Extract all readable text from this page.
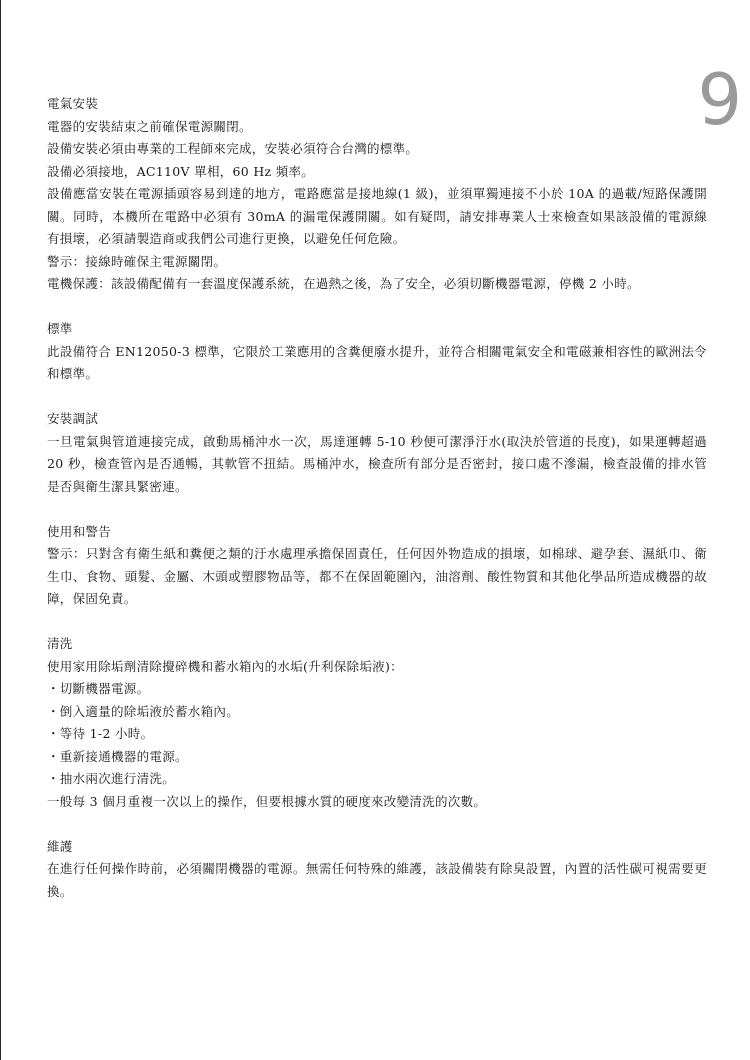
9

電氣安裝

電器的安裝結束之前確保電源關閉。

設備安裝必須由專業的工程師來完成，安裝必須符合台灣的標準。

設備必須接地，AC110V 單相，60 Hz 頻率。

設備應當安裝在電源插頭容易到達的地方，電路應當是接地線(1 級)，並須單獨連接不小於 10A 的過載/短路保護開關。同時，本機所在電路中必須有 30mA 的漏電保護開關。如有疑問，請安排專業人士來檢查如果該設備的電源線有損壞，必須請製造商或我們公司進行更換，以避免任何危險。

警示：接線時確保主電源關閉。

電機保護：該設備配備有一套溫度保護系統，在過熱之後，為了安全，必須切斷機器電源，停機 2 小時。

標準

此設備符合 EN12050-3 標準，它限於工業應用的含糞便廢水提升，並符合相關電氣安全和電磁兼相容性的歐洲法令和標準。

安裝調試

一旦電氣與管道連接完成，啟動馬桶沖水一次，馬達運轉 5-10 秒便可潔淨汙水(取決於管道的長度)，如果運轉超過 20 秒，檢查管內是否通暢，其軟管不扭結。馬桶沖水，檢查所有部分是否密封，接口處不滲漏，檢查設備的排水管是否與衛生潔具緊密連。

使用和警告

警示：只對含有衛生紙和糞便之類的汙水處理承擔保固責任，任何因外物造成的損壞，如棉球、避孕套、濕紙巾、衛生巾、食物、頭髮、金屬、木頭或塑膠物品等，都不在保固範圍內，油溶劑、酸性物質和其他化學品所造成機器的故障，保固免責。

清洗

使用家用除垢劑清除攪碎機和蓄水箱內的水垢(升利保除垢液)：

・切斷機器電源。

・倒入適量的除垢液於蓄水箱內。

・等待 1-2 小時。

・重新接通機器的電源。

・抽水兩次進行清洗。

一般每 3 個月重複一次以上的操作，但要根據水質的硬度來改變清洗的次數。

維護

在進行任何操作時前，必須關閉機器的電源。無需任何特殊的維護，該設備裝有除臭設置，內置的活性碳可視需要更換。
